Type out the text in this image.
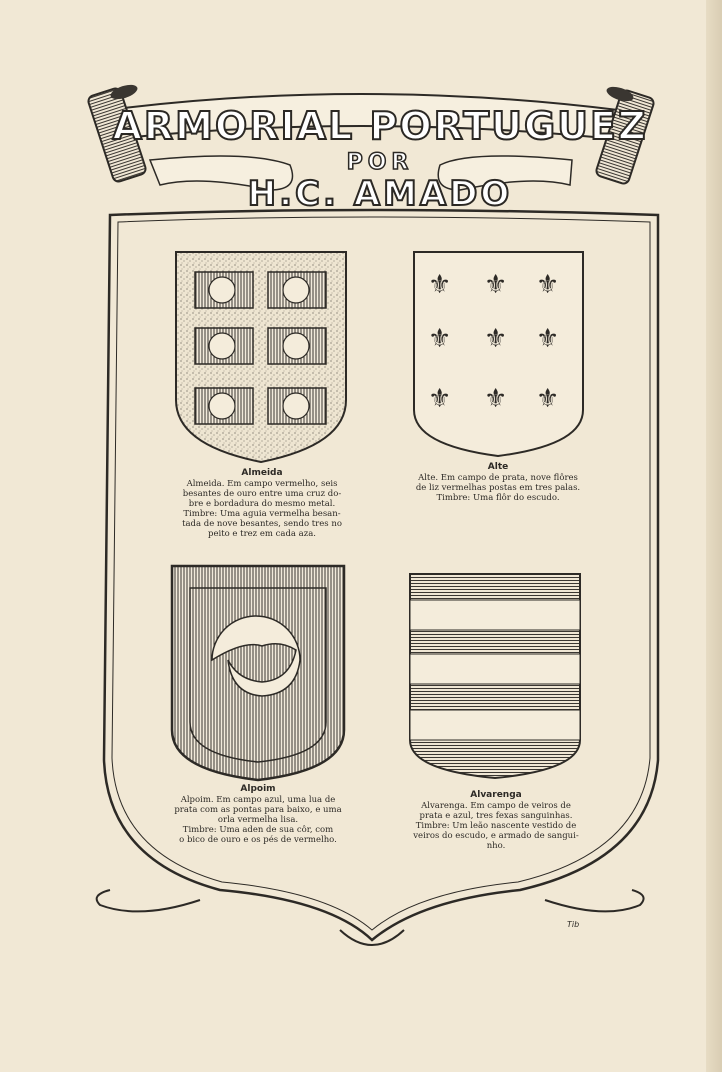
ARMORIAL PORTUGUEZ
POR
H.C. AMADO
⚜ ⚜ ⚜
⚜ ⚜ ⚜
⚜ ⚜ ⚜
Almeida
Almeida. Em campo vermelho, seis
besantes de ouro entre uma cruz do-
bre e bordadura do mesmo metal.
Timbre: Uma aguia vermelha besan-
tada de nove besantes, sendo tres no
peito e trez em cada aza.
Alte
Alte. Em campo de prata, nove flôres
de liz vermelhas postas em tres palas.
Timbre: Uma flôr do escudo.
Alpoim
Alpoim. Em campo azul, uma lua de
prata com as pontas para baixo, e uma
orla vermelha lisa.
Timbre: Uma aden de sua côr, com
o bico de ouro e os pés de vermelho.
Alvarenga
Alvarenga. Em campo de veiros de
prata e azul, tres fexas sanguinhas.
Timbre: Um leão nascente vestido de
veiros do escudo, e armado de sangui-
nho.
Tib
